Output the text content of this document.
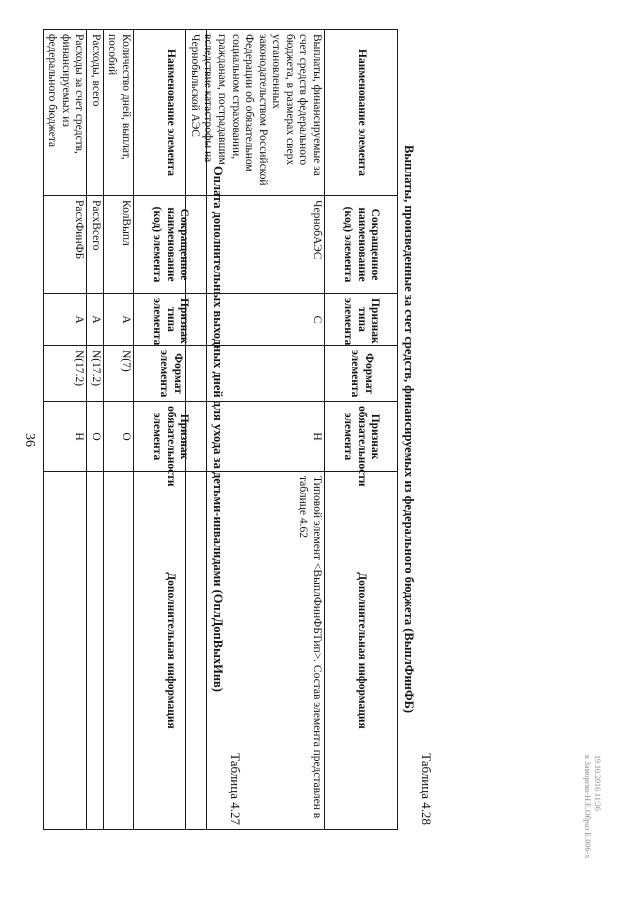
36
Таблица 4.27
Оплата дополнительных выходных дней для ухода за детьми-инвалидами (ОплДопВыхИнв)
Наименование элемента	Сокращенное наименование (код) элемента	Признак типа элемента	Формат элемента	Признак обязательности элемента	Дополнительная информация
Количество дней, выплат, пособий	КолВыпл	А	N(7)	О	
Расходы, всего	РасхВсего	А	N(17.2)	О	
Расходы за счет средств, финансируемых из федерального бюджета	РасхФинФБ	А	N(17.2)	Н	
Таблица 4.28
Выплаты, произведенные за счет средств, финансируемых из федерального бюджета (ВыплФинФБ)
Наименование элемента	Сокращенное наименование (код) элемента	Признак типа элемента	Формат элемента	Признак обязательности элемента	Дополнительная информация
Выплаты, финансируемые за счет средств федерального бюджета, в размерах сверх установленных законодательством Российской Федерации об обязательном социальном страховании, гражданам, пострадавшим вследствие катастрофы на Чернобыльской АЭС	ЧернобАЭС	С		Н	Типовой элемент <ВыплФинФБТип>. Состав элемента представлен в таблице 4.62
19.10.2016 11:36
к Заморско-Н.Е.Образ Е.006-л
